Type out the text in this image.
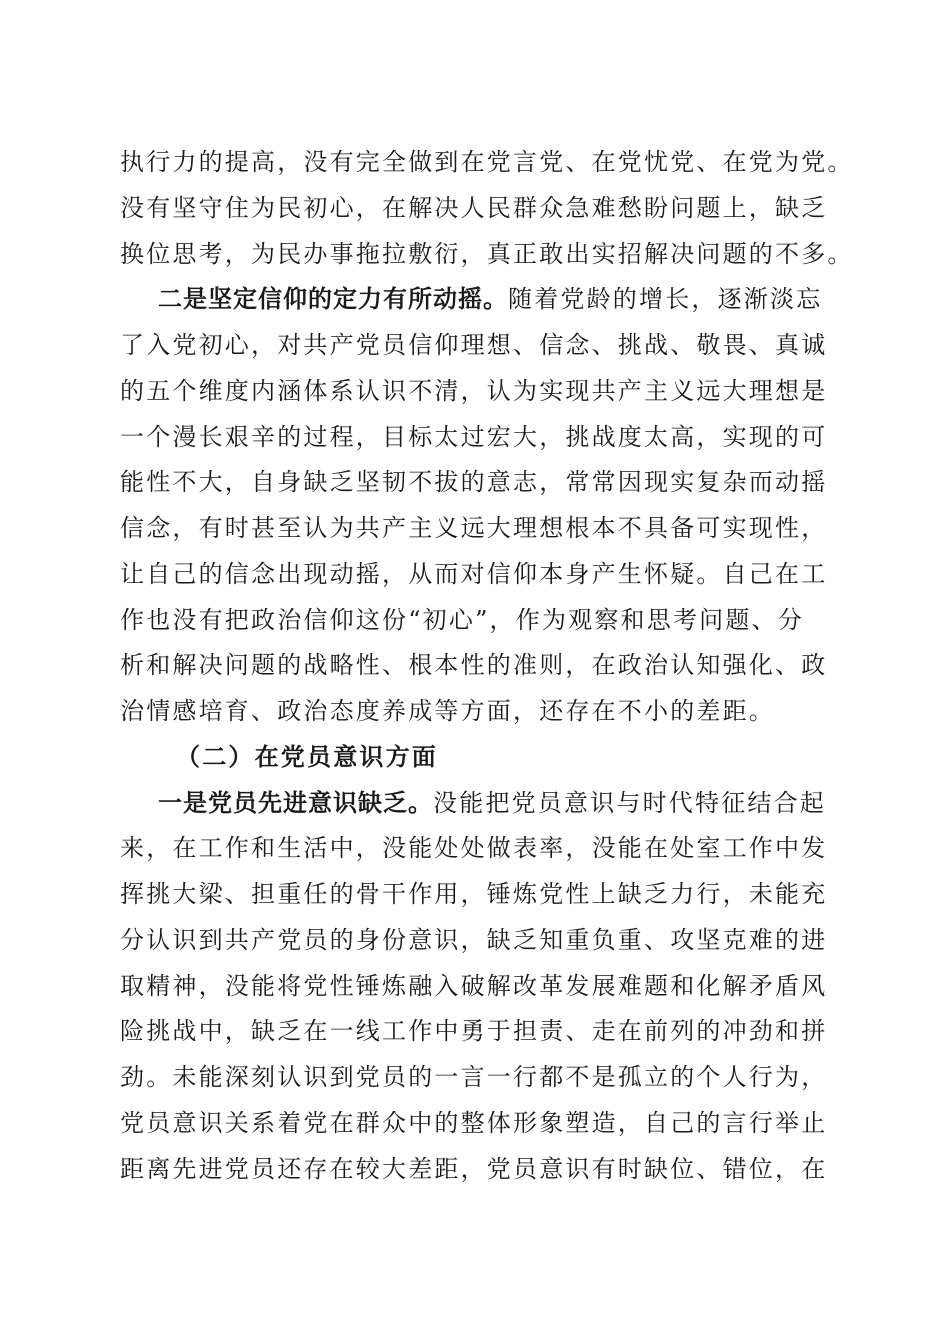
执行力的提高，没有完全做到在党言党、在党忧党、在党为党。
没有坚守住为民初心，在解决人民群众急难愁盼问题上，缺乏
换位思考，为民办事拖拉敷衍，真正敢出实招解决问题的不多。
二是坚定信仰的定力有所动摇。随着党龄的增长，逐渐淡忘
了入党初心，对共产党员信仰理想、信念、挑战、敬畏、真诚
的五个维度内涵体系认识不清，认为实现共产主义远大理想是
一个漫长艰辛的过程，目标太过宏大，挑战度太高，实现的可
能性不大，自身缺乏坚韧不拔的意志，常常因现实复杂而动摇
信念，有时甚至认为共产主义远大理想根本不具备可实现性，
让自己的信念出现动摇，从而对信仰本身产生怀疑。自己在工
作也没有把政治信仰这份“初心”，作为观察和思考问题、分
析和解决问题的战略性、根本性的准则，在政治认知强化、政
治情感培育、政治态度养成等方面，还存在不小的差距。
（二）在党员意识方面
一是党员先进意识缺乏。没能把党员意识与时代特征结合起
来，在工作和生活中，没能处处做表率，没能在处室工作中发
挥挑大梁、担重任的骨干作用，锤炼党性上缺乏力行，未能充
分认识到共产党员的身份意识，缺乏知重负重、攻坚克难的进
取精神，没能将党性锤炼融入破解改革发展难题和化解矛盾风
险挑战中，缺乏在一线工作中勇于担责、走在前列的冲劲和拼
劲。未能深刻认识到党员的一言一行都不是孤立的个人行为，
党员意识关系着党在群众中的整体形象塑造，自己的言行举止
距离先进党员还存在较大差距，党员意识有时缺位、错位，在
